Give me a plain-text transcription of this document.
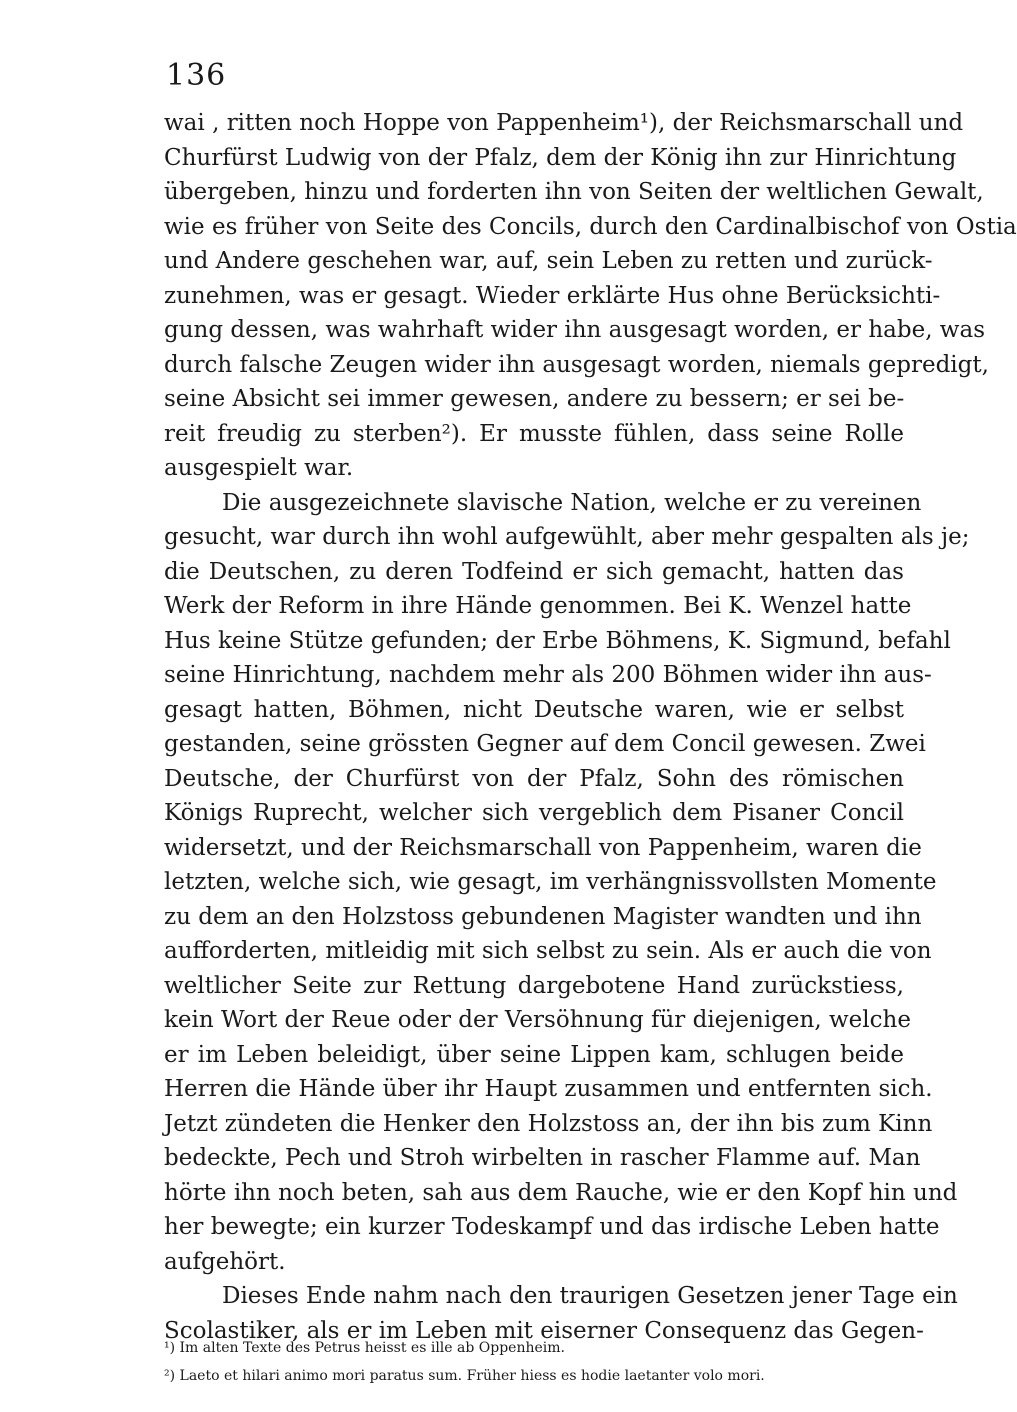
136
wai , ritten noch Hoppe von Pappenheim¹), der Reichsmarschall und
Churfürst Ludwig von der Pfalz, dem der König ihn zur Hinrichtung
übergeben, hinzu und forderten ihn von Seiten der weltlichen Gewalt,
wie es früher von Seite des Concils, durch den Cardinalbischof von Ostia
und Andere geschehen war, auf, sein Leben zu retten und zurück-
zunehmen, was er gesagt. Wieder erklärte Hus ohne Berücksichti-
gung dessen, was wahrhaft wider ihn ausgesagt worden, er habe, was
durch falsche Zeugen wider ihn ausgesagt worden, niemals gepredigt,
seine Absicht sei immer gewesen, andere zu bessern; er sei be-
reit freudig zu sterben²). Er musste fühlen, dass seine Rolle
ausgespielt war.
Die ausgezeichnete slavische Nation, welche er zu vereinen
gesucht, war durch ihn wohl aufgewühlt, aber mehr gespalten als je;
die Deutschen, zu deren Todfeind er sich gemacht, hatten das
Werk der Reform in ihre Hände genommen. Bei K. Wenzel hatte
Hus keine Stütze gefunden; der Erbe Böhmens, K. Sigmund, befahl
seine Hinrichtung, nachdem mehr als 200 Böhmen wider ihn aus-
gesagt hatten, Böhmen, nicht Deutsche waren, wie er selbst
gestanden, seine grössten Gegner auf dem Concil gewesen. Zwei
Deutsche, der Churfürst von der Pfalz, Sohn des römischen
Königs Ruprecht, welcher sich vergeblich dem Pisaner Concil
widersetzt, und der Reichsmarschall von Pappenheim, waren die
letzten, welche sich, wie gesagt, im verhängnissvollsten Momente
zu dem an den Holzstoss gebundenen Magister wandten und ihn
aufforderten, mitleidig mit sich selbst zu sein. Als er auch die von
weltlicher Seite zur Rettung dargebotene Hand zurückstiess,
kein Wort der Reue oder der Versöhnung für diejenigen, welche
er im Leben beleidigt, über seine Lippen kam, schlugen beide
Herren die Hände über ihr Haupt zusammen und entfernten sich.
Jetzt zündeten die Henker den Holzstoss an, der ihn bis zum Kinn
bedeckte, Pech und Stroh wirbelten in rascher Flamme auf. Man
hörte ihn noch beten, sah aus dem Rauche, wie er den Kopf hin und
her bewegte; ein kurzer Todeskampf und das irdische Leben hatte
aufgehört.
Dieses Ende nahm nach den traurigen Gesetzen jener Tage ein
Scolastiker, als er im Leben mit eiserner Consequenz das Gegen-
¹) Im alten Texte des Petrus heisst es ille ab Oppenheim.
²) Laeto et hilari animo mori paratus sum. Früher hiess es hodie laetanter volo mori.
